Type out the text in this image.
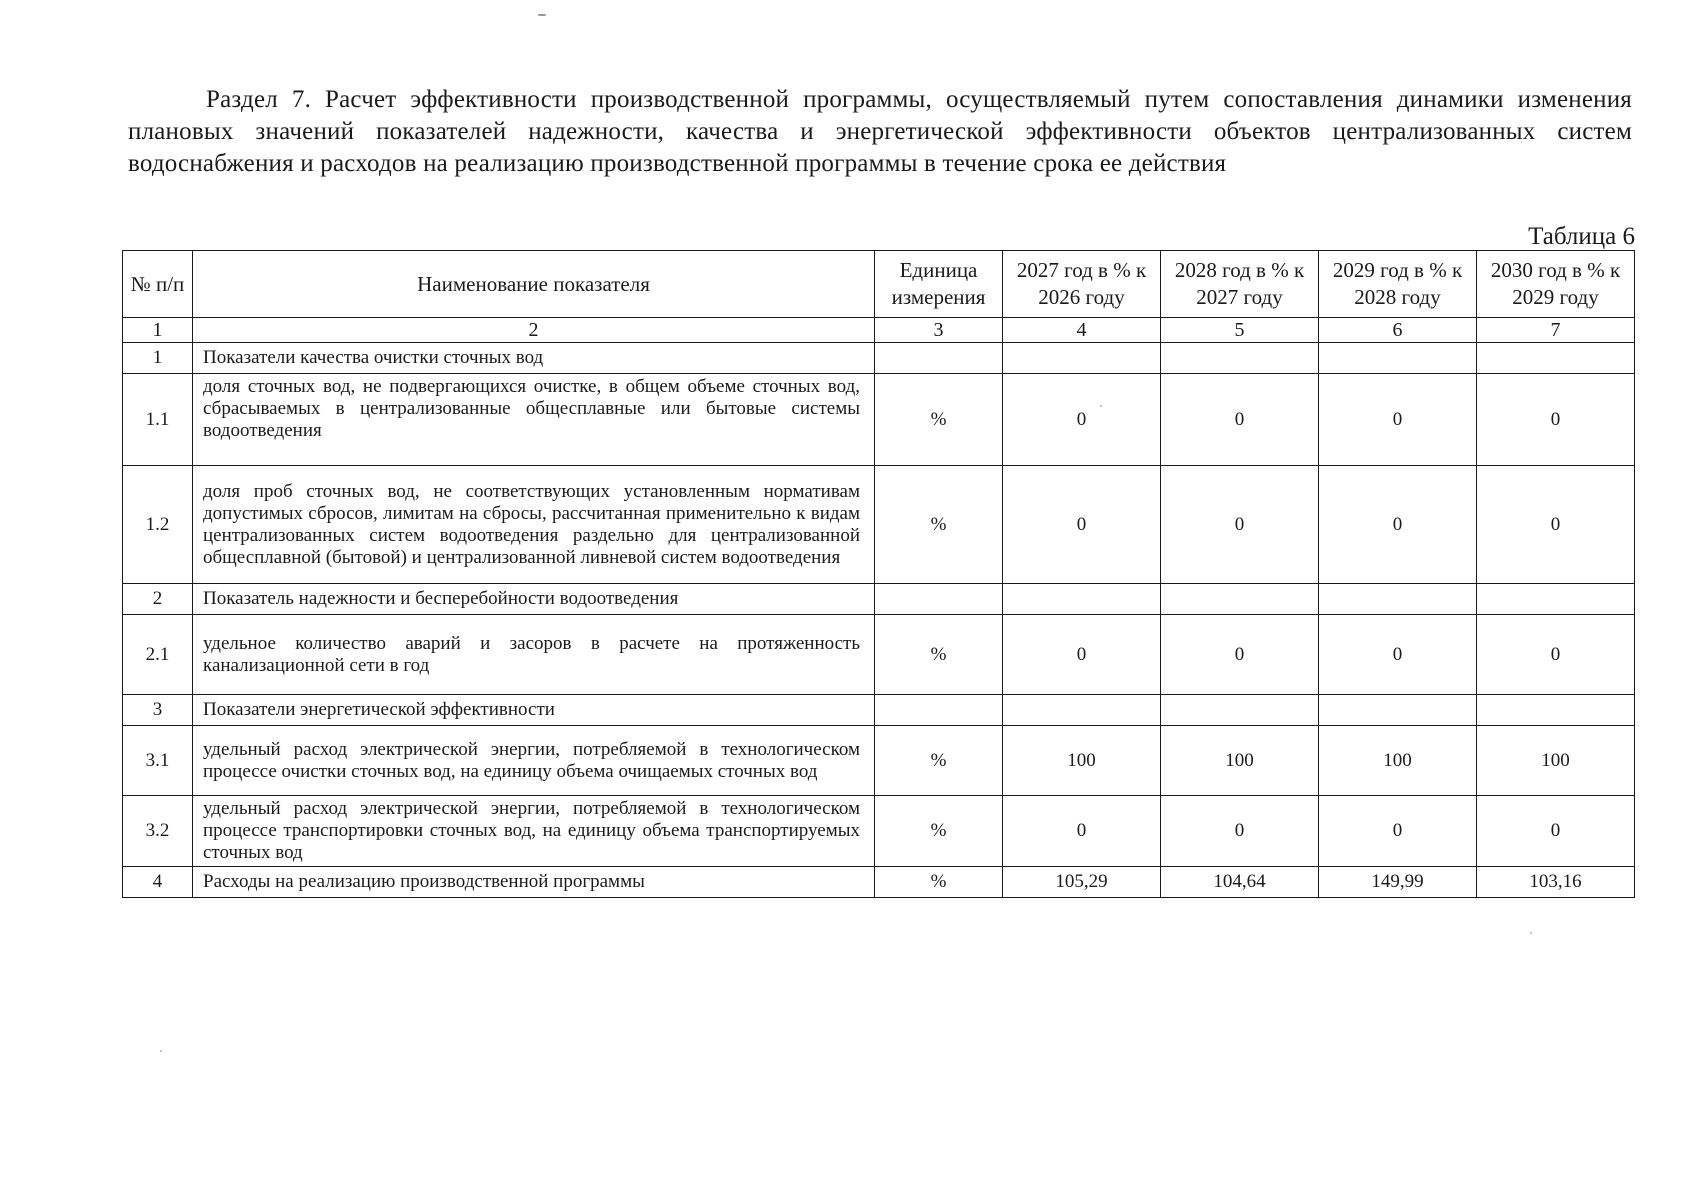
Раздел 7. Расчет эффективности производственной программы, осуществляемый путем сопоставления динамики изменения плановых значений показателей надежности, качества и энергетической эффективности объектов централизованных систем водоснабжения и расходов на реализацию производственной программы в течение срока ее действия
Таблица 6
№ п/п	Наименование показателя	Единица измерения	2027 год в % к 2026 году	2028 год в % к 2027 году	2029 год в % к 2028 году	2030 год в % к 2029 году
1	2	3	4	5	6	7
1	Показатели качества очистки сточных вод					
1.1	доля сточных вод, не подвергающихся очистке, в общем объеме сточных вод, сбрасываемых в централизованные общесплавные или бытовые системы водоотведения	%	0	0	0	0
1.2	доля проб сточных вод, не соответствующих установленным нормативам допустимых сбросов, лимитам на сбросы, рассчитанная применительно к видам централизованных систем водоотведения раздельно для централизованной общесплавной (бытовой) и централизованной ливневой систем водоотведения	%	0	0	0	0
2	Показатель надежности и бесперебойности водоотведения					
2.1	удельное количество аварий и засоров в расчете на протяженность канализационной сети в год	%	0	0	0	0
3	Показатели энергетической эффективности					
3.1	удельный расход электрической энергии, потребляемой в технологическом процессе очистки сточных вод, на единицу объема очищаемых сточных вод	%	100	100	100	100
3.2	удельный расход электрической энергии, потребляемой в технологическом процессе транспортировки сточных вод, на единицу объема транспортируемых сточных вод	%	0	0	0	0
4	Расходы на реализацию производственной программы	%	105,29	104,64	149,99	103,16
